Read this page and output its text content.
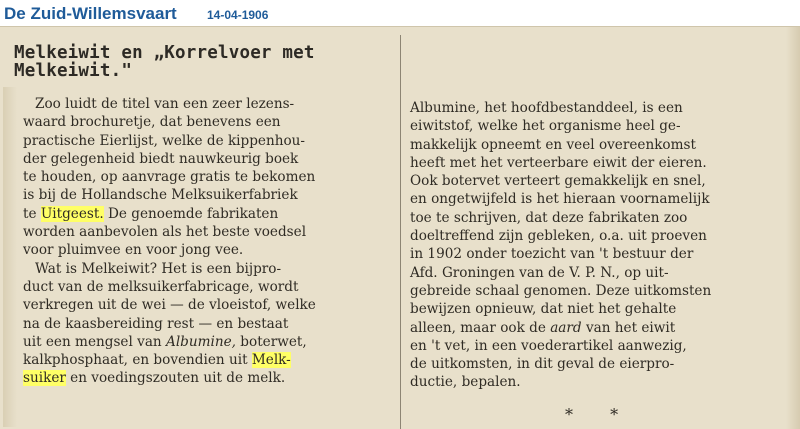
De Zuid-Willemsvaart	14-04-1906
Melkeiwit en „Korrelvoer met
Melkeiwit."

Zoo luidt de titel van een zeer lezens-
waard brochuretje, dat benevens een
practische Eierlijst, welke de kippenhou-
der gelegenheid biedt nauwkeurig boek
te houden, op aanvrage gratis te bekomen
is bij de Hollandsche Melksuikerfabriek
te Uitgeest. De genoemde fabrikaten
worden aanbevolen als het beste voedsel
voor pluimvee en voor jong vee.

Wat is Melkeiwit? Het is een bijpro-
duct van de melksuikerfabricage, wordt
verkregen uit de wei — de vloeistof, welke
na de kaasbereiding rest — en bestaat
uit een mengsel van Albumine, boterwet,
kalkphosphaat, en bovendien uit Melk-
suiker en voedingszouten uit de melk.

Albumine, het hoofdbestanddeel, is een
eiwitstof, welke het organisme heel ge-
makkelijk opneemt en veel overeenkomst
heeft met het verteerbare eiwit der eieren.
Ook botervet verteert gemakkelijk en snel,
en ongetwijfeld is het hieraan voornamelijk
toe te schrijven, dat deze fabrikaten zoo
doeltreffend zijn gebleken, o.a. uit proeven
in 1902 onder toezicht van 't bestuur der
Afd. Groningen van de V. P. N., op uit-
gebreide schaal genomen. Deze uitkomsten
bewijzen opnieuw, dat niet het gehalte
alleen, maar ook de aard van het eiwit
en 't vet, in een voederartikel aanwezig,
de uitkomsten, in dit geval de eierpro-
ductie, bepalen.

* *
